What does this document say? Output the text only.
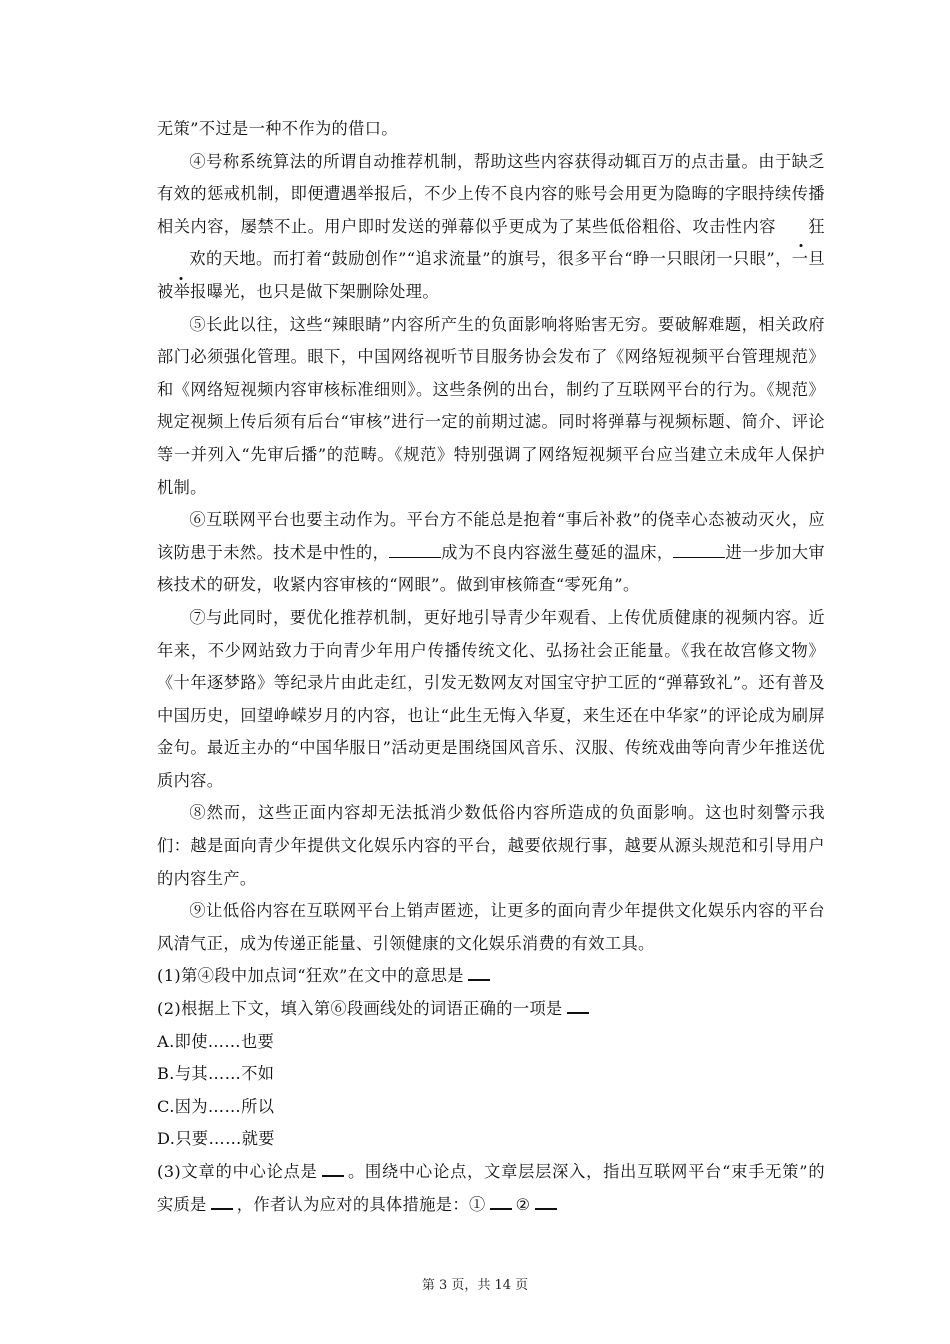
无策”不过是一种不作为的借口。

④号称系统算法的所谓自动推荐机制，帮助这些内容获得动辄百万的点击量。由于缺乏有效的惩戒机制，即便遭遇举报后，不少上传不良内容的账号会用更为隐晦的字眼持续传播相关内容，屡禁不止。用户即时发送的弹幕似乎更成为了某些低俗粗俗、攻击性内容 狂欢的天地。而打着“鼓励创作”“追求流量”的旗号，很多平台“睁一只眼闭一只眼”，一旦被举报曝光，也只是做下架删除处理。

⑤长此以往，这些“辣眼睛”内容所产生的负面影响将贻害无穷。要破解难题，相关政府部门必须强化管理。眼下，中国网络视听节目服务协会发布了《网络短视频平台管理规范》和《网络短视频内容审核标准细则》。这些条例的出台，制约了互联网平台的行为。《规范》规定视频上传后须有后台“审核”进行一定的前期过滤。同时将弹幕与视频标题、简介、评论等一并列入“先审后播”的范畴。《规范》特别强调了网络短视频平台应当建立未成年人保护机制。

⑥互联网平台也要主动作为。平台方不能总是抱着“事后补救”的侥幸心态被动灭火，应该防患于未然。技术是中性的，	成为不良内容滋生蔓延的温床，	进一步加大审核技术的研发，收紧内容审核的“网眼”。做到审核筛查“零死角”。

⑦与此同时，要优化推荐机制，更好地引导青少年观看、上传优质健康的视频内容。近年来，不少网站致力于向青少年用户传播传统文化、弘扬社会正能量。《我在故宫修文物》《十年逐梦路》等纪录片由此走红，引发无数网友对国宝守护工匠的“弹幕致礼”。还有普及中国历史，回望峥嵘岁月的内容，也让“此生无悔入华夏，来生还在中华家”的评论成为刷屏金句。最近主办的“中国华服日”活动更是围绕国风音乐、汉服、传统戏曲等向青少年推送优质内容。

⑧然而，这些正面内容却无法抵消少数低俗内容所造成的负面影响。这也时刻警示我们：越是面向青少年提供文化娱乐内容的平台，越要依规行事，越要从源头规范和引导用户的内容生产。

⑨让低俗内容在互联网平台上销声匿迹，让更多的面向青少年提供文化娱乐内容的平台风清气正，成为传递正能量、引领健康的文化娱乐消费的有效工具。

(1)第④段中加点词“狂欢”在文中的意思是

(2)根据上下文，填入第⑥段画线处的词语正确的一项是

A.即使……也要

B.与其……不如

C.因为……所以

D.只要……就要

(3)文章的中心论点是 。围绕中心论点，文章层层深入，指出互联网平台“束手无策”的实质是 ，作者认为应对的具体措施是：① ②

第 3 页，共 14 页
